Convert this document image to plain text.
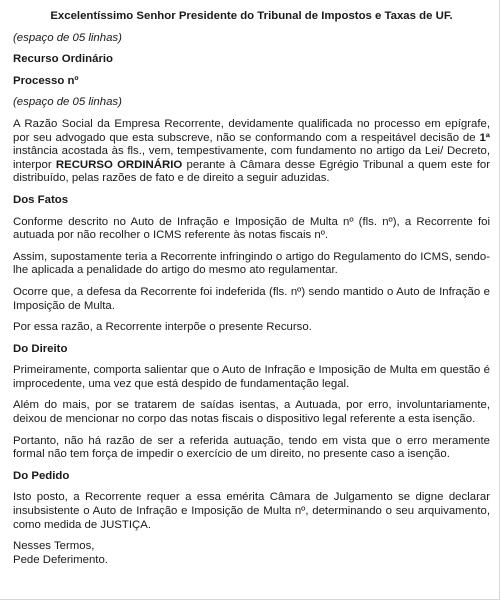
Excelentíssimo Senhor Presidente do Tribunal de Impostos e Taxas de UF.

(espaço de 05 linhas)

Recurso Ordinário

Processo nº

(espaço de 05 linhas)

A Razão Social da Empresa Recorrente, devidamente qualificada no processo em epígrafe, por seu advogado que esta subscreve, não se conformando com a respeitável decisão de 1ª instância acostada às fls., vem, tempestivamente, com fundamento no artigo da Lei/ Decreto, interpor RECURSO ORDINÁRIO perante à Câmara desse Egrégio Tribunal a quem este for distribuído, pelas razões de fato e de direito a seguir aduzidas.

Dos Fatos

Conforme descrito no Auto de Infração e Imposição de Multa nº (fls. nº), a Recorrente foi autuada por não recolher o ICMS referente às notas fiscais nº.

Assim, supostamente teria a Recorrente infringindo o artigo do Regulamento do ICMS, sendo-lhe aplicada a penalidade do artigo do mesmo ato regulamentar.

Ocorre que, a defesa da Recorrente foi indeferida (fls. nº) sendo mantido o Auto de Infração e Imposição de Multa.

Por essa razão, a Recorrente interpõe o presente Recurso.

Do Direito

Primeiramente, comporta salientar que o Auto de Infração e Imposição de Multa em questão é improcedente, uma vez que está despido de fundamentação legal.

Além do mais, por se tratarem de saídas isentas, a Autuada, por erro, involuntariamente, deixou de mencionar no corpo das notas fiscais o dispositivo legal referente a esta isenção.

Portanto, não há razão de ser a referida autuação, tendo em vista que o erro meramente formal não tem força de impedir o exercício de um direito, no presente caso a isenção.

Do Pedido

Isto posto, a Recorrente requer a essa emérita Câmara de Julgamento se digne declarar insubsistente o Auto de Infração e Imposição de Multa nº, determinando o seu arquivamento, como medida de JUSTIÇA.

Nesses Termos,

Pede Deferimento.
